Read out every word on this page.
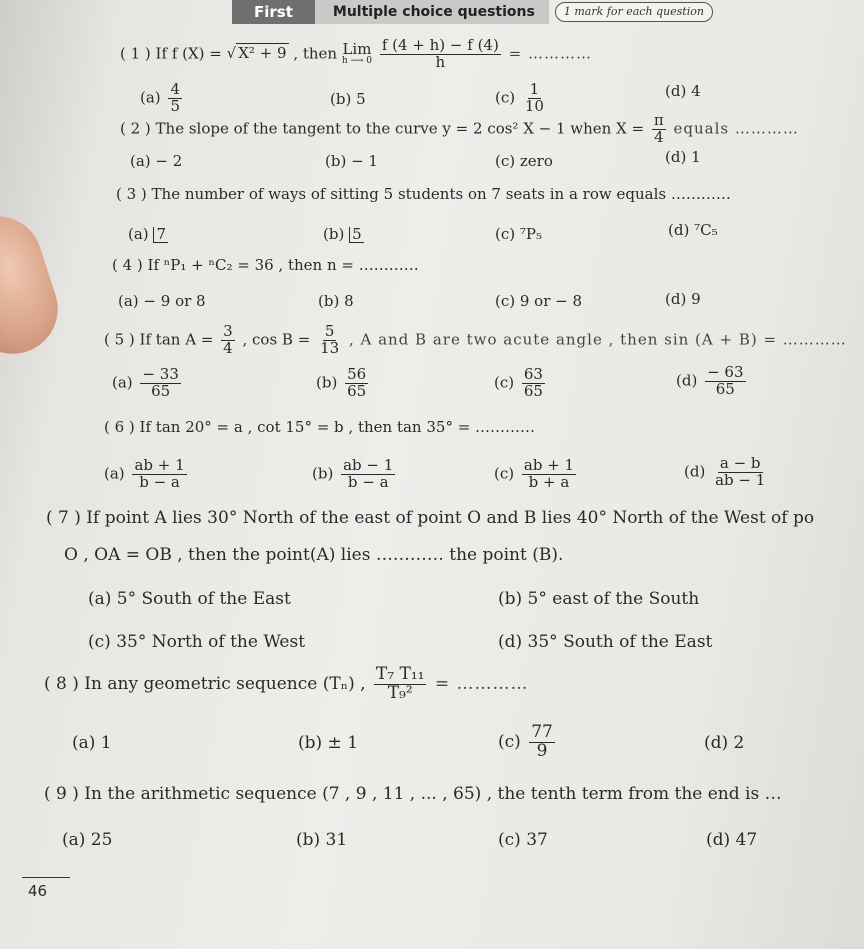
First	Multiple choice questions	1 mark for each question
( 1 ) If f (X) = √ X² + 9 , then Lim
h ⟶ 0
$\frac{f (4 + h) - f (4)}{h}$ = …………
$(a) \frac{4}{5}$	(b) 5	$(c) \frac{1}{10}$	(d) 4
( 2 ) The slope of the tangent to the curve y = 2 cos² X − 1 when $X = \frac{\pi}{4}$ equals …………
(a) − 2	(b) − 1	(c) zero	(d) 1
( 3 ) The number of ways of sitting 5 students on 7 seats in a row equals …………
(a) 7	(b) 5	(c) ⁷P₅	(d) ⁷C₅
( 4 ) If ⁿP₁ + ⁿC₂ = 36 , then n = …………
(a) − 9 or 8	(b) 8	(c) 9 or − 8	(d) 9
( 5 ) If $\tan A = \frac{3}{4}$ , $\cos B = \frac{5}{13}$ , A and B are two acute angle , then sin (A + B) = …………
$(a) \frac{- 33}{65}$	$(b) \frac{56}{65}$	$(c) \frac{63}{65}$	$(d) \frac{- 63}{65}$
( 6 ) If tan 20° = a , cot 15° = b , then tan 35° = …………
$(a) \frac{ab + 1}{b - a}$	$(b) \frac{ab - 1}{b - a}$	$(c) \frac{ab + 1}{b + a}$	$(d) \frac{a - b}{ab - 1}$
( 7 ) If point A lies 30° North of the east of point O and B lies 40° North of the West of po
O , OA = OB , then the point(A) lies ………… the point (B).
(a) 5° South of the East	(b) 5° east of the South
(c) 35° North of the West	(d) 35° South of the East
( 8 ) In any geometric sequence (Tₙ) , $\frac{\text{T₇ T₁₁}}{\text{T₉²}}$ = …………
(a) 1	(b) ± 1	$(c) \frac{77}{9}$	(d) 2
( 9 ) In the arithmetic sequence (7 , 9 , 11 , ... , 65) , the tenth term from the end is …
(a) 25	(b) 31	(c) 37	(d) 47
46
